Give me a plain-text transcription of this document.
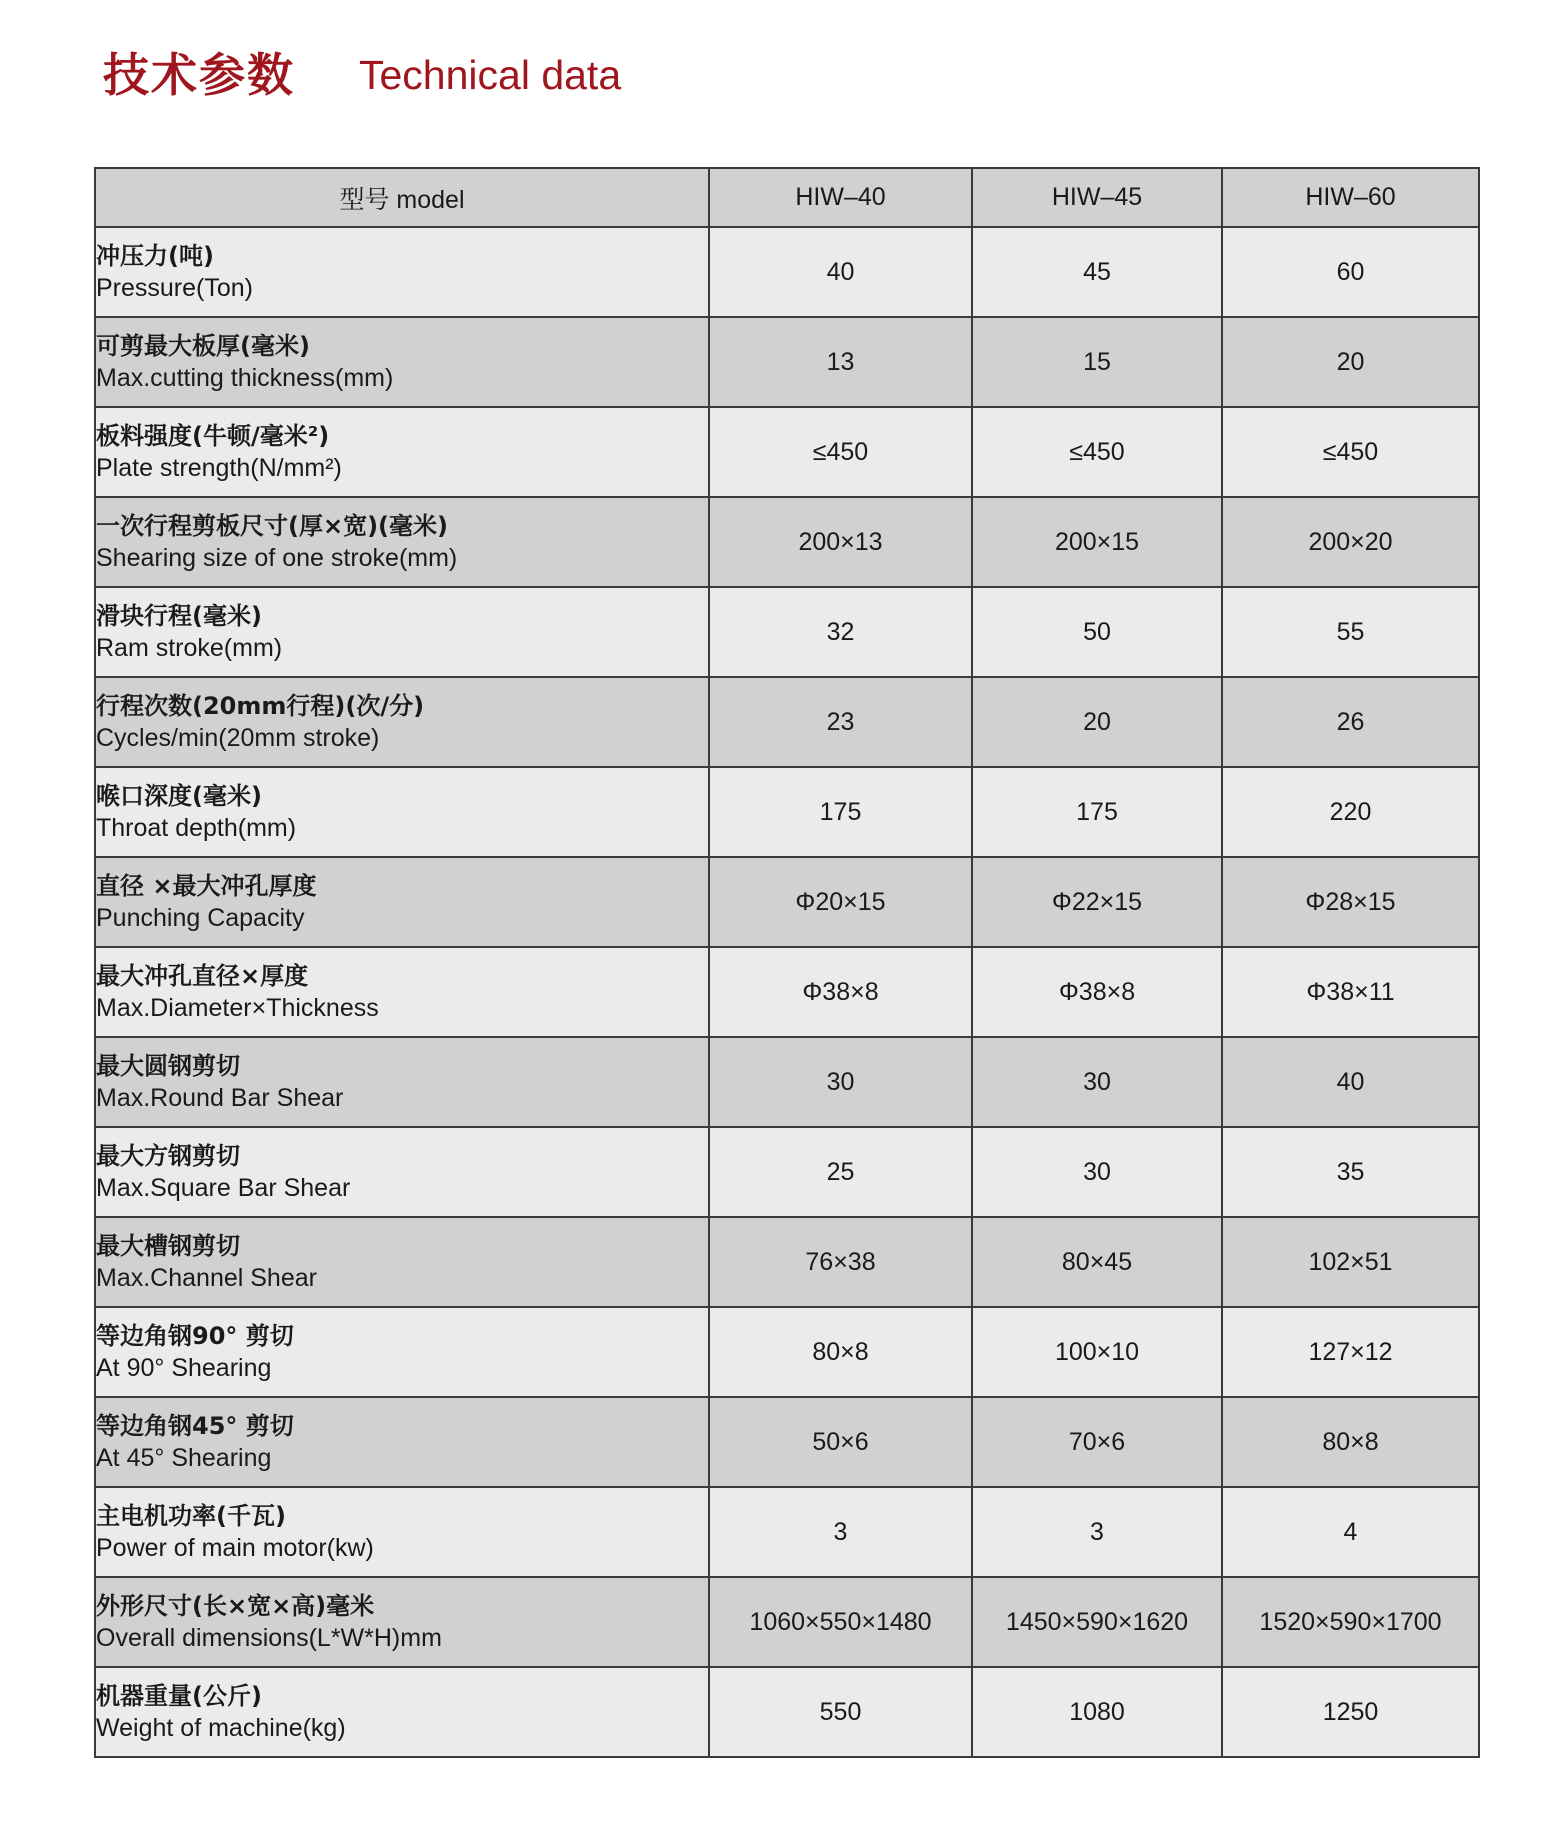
技术参数 Technical data
型号 model	HIW–40	HIW–45	HIW–60

冲压力(吨)
Pressure(Ton)	40	45	60

可剪最大板厚(毫米)
Max.cutting thickness(mm)	13	15	20

板料强度(牛顿/毫米²)
Plate strength(N/mm²)	≤450	≤450	≤450

一次行程剪板尺寸(厚×宽)(毫米)
Shearing size of one stroke(mm)	200×13	200×15	200×20

滑块行程(毫米)
Ram stroke(mm)	32	50	55

行程次数(20mm行程)(次/分)
Cycles/min(20mm stroke)	23	20	26

喉口深度(毫米)
Throat depth(mm)	175	175	220

直径 ×最大冲孔厚度
Punching Capacity	Φ20×15	Φ22×15	Φ28×15

最大冲孔直径×厚度
Max.Diameter×Thickness	Φ38×8	Φ38×8	Φ38×11

最大圆钢剪切
Max.Round Bar Shear	30	30	40

最大方钢剪切
Max.Square Bar Shear	25	30	35

最大槽钢剪切
Max.Channel Shear	76×38	80×45	102×51

等边角钢90° 剪切
At 90° Shearing	80×8	100×10	127×12

等边角钢45° 剪切
At 45° Shearing	50×6	70×6	80×8

主电机功率(千瓦)
Power of main motor(kw)	3	3	4

外形尺寸(长×宽×高)毫米
Overall dimensions(L*W*H)mm	1060×550×1480	1450×590×1620	1520×590×1700

机器重量(公斤)
Weight of machine(kg)	550	1080	1250
